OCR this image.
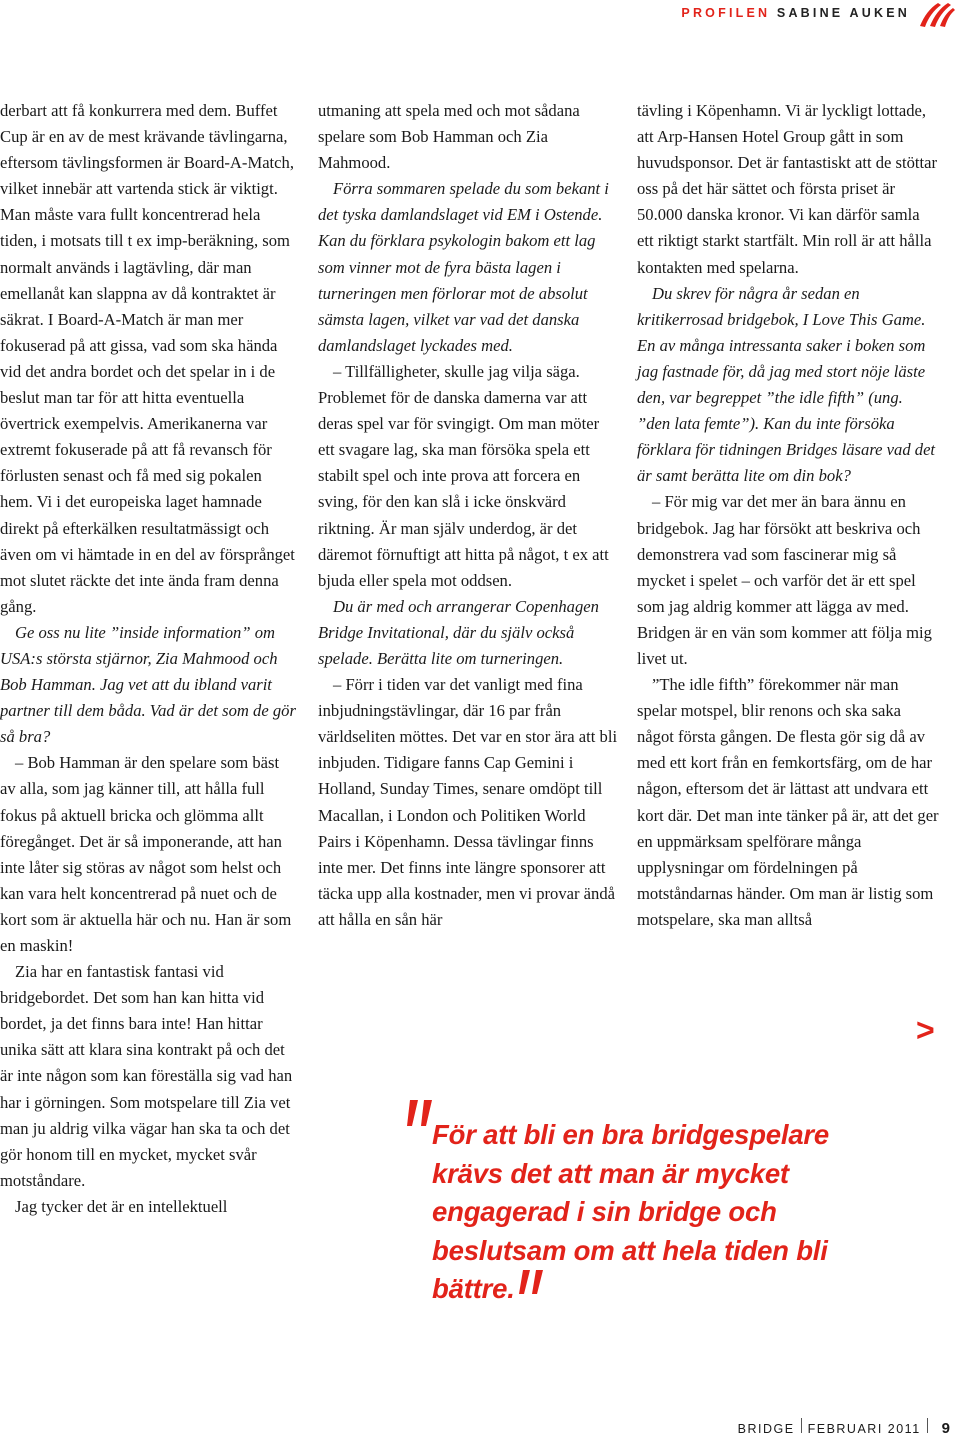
PROFILEN SABINE AUKEN

derbart att få konkurrera med dem. Buffet Cup är en av de mest krävande tävlingarna, eftersom tävlingsformen är Board-A-Match, vilket innebär att vartenda stick är viktigt. Man måste vara fullt koncentrerad hela tiden, i motsats till t ex imp-beräkning, som normalt används i lagtävling, där man emellanåt kan slappna av då kontraktet är säkrat. I Board-A-Match är man mer fokuserad på att gissa, vad som ska hända vid det andra bordet och det spelar in i de beslut man tar för att hitta eventuella övertrick exempelvis. Amerikanerna var extremt fokuserade på att få revansch för förlusten senast och få med sig pokalen hem. Vi i det europeiska laget hamnade direkt på efterkälken resultatmässigt och även om vi hämtade in en del av försprånget mot slutet räckte det inte ända fram denna gång.

Ge oss nu lite ”inside information” om USA:s största stjärnor, Zia Mahmood och Bob Hamman. Jag vet att du ibland varit partner till dem båda. Vad är det som de gör så bra?

– Bob Hamman är den spelare som bäst av alla, som jag känner till, att hålla full fokus på aktuell bricka och glömma allt föregånget. Det är så imponerande, att han inte låter sig störas av något som helst och kan vara helt koncentrerad på nuet och de kort som är aktuella här och nu. Han är som en maskin!

Zia har en fantastisk fantasi vid bridgebordet. Det som han kan hitta vid bordet, ja det finns bara inte! Han hittar unika sätt att klara sina kontrakt på och det är inte någon som kan föreställa sig vad han har i görningen. Som motspelare till Zia vet man ju aldrig vilka vägar han ska ta och det gör honom till en mycket, mycket svår motståndare.

Jag tycker det är en intellektuell

utmaning att spela med och mot sådana spelare som Bob Hamman och Zia Mahmood.

Förra sommaren spelade du som bekant i det tyska damlandslaget vid EM i Ostende. Kan du förklara psykologin bakom ett lag som vinner mot de fyra bästa lagen i turneringen men förlorar mot de absolut sämsta lagen, vilket var vad det danska damlandslaget lyckades med.

– Tillfälligheter, skulle jag vilja säga. Problemet för de danska damerna var att deras spel var för svingigt. Om man möter ett svagare lag, ska man försöka spela ett stabilt spel och inte prova att forcera en sving, för den kan slå i icke önskvärd riktning. Är man själv underdog, är det däremot förnuftigt att hitta på något, t ex att bjuda eller spela mot oddsen.

Du är med och arrangerar Copenhagen Bridge Invitational, där du själv också spelade. Berätta lite om turneringen.

– Förr i tiden var det vanligt med fina inbjudningstävlingar, där 16 par från världseliten möttes. Det var en stor ära att bli inbjuden. Tidigare fanns Cap Gemini i Holland, Sunday Times, senare omdöpt till Macallan, i London och Politiken World Pairs i Köpenhamn. Dessa tävlingar finns inte mer. Det finns inte längre sponsorer att täcka upp alla kostnader, men vi provar ändå att hålla en sån här

tävling i Köpenhamn. Vi är lyckligt lottade, att Arp-Hansen Hotel Group gått in som huvudsponsor. Det är fantastiskt att de stöttar oss på det här sättet och första priset är 50.000 danska kronor. Vi kan därför samla ett riktigt starkt startfält. Min roll är att hålla kontakten med spelarna.

Du skrev för några år sedan en kritikerrosad bridgebok, I Love This Game. En av många intressanta saker i boken som jag fastnade för, då jag med stort nöje läste den, var begreppet ”the idle fifth” (ung. ”den lata femte”). Kan du inte försöka förklara för tidningen Bridges läsare vad det är samt berätta lite om din bok?

– För mig var det mer än bara ännu en bridgebok. Jag har försökt att beskriva och demonstrera vad som fascinerar mig så mycket i spelet – och varför det är ett spel som jag aldrig kommer att lägga av med. Bridgen är en vän som kommer att följa mig livet ut.

”The idle fifth” förekommer när man spelar motspel, blir renons och ska saka något första gången. De flesta gör sig då av med ett kort från en femkortsfärg, om de har någon, eftersom det är lättast att undvara ett kort där. Det man inte tänker på är, att det ger en uppmärksam spelförare många upplysningar om fördelningen på motståndarnas händer. Om man är listig som motspelare, ska man alltså

>
För att bli en bra bridgespelare krävs det att man är mycket engagerad i sin bridge och beslutsam om att hela tiden bli bättre.
BRIDGE FEBRUARI 2011 9
